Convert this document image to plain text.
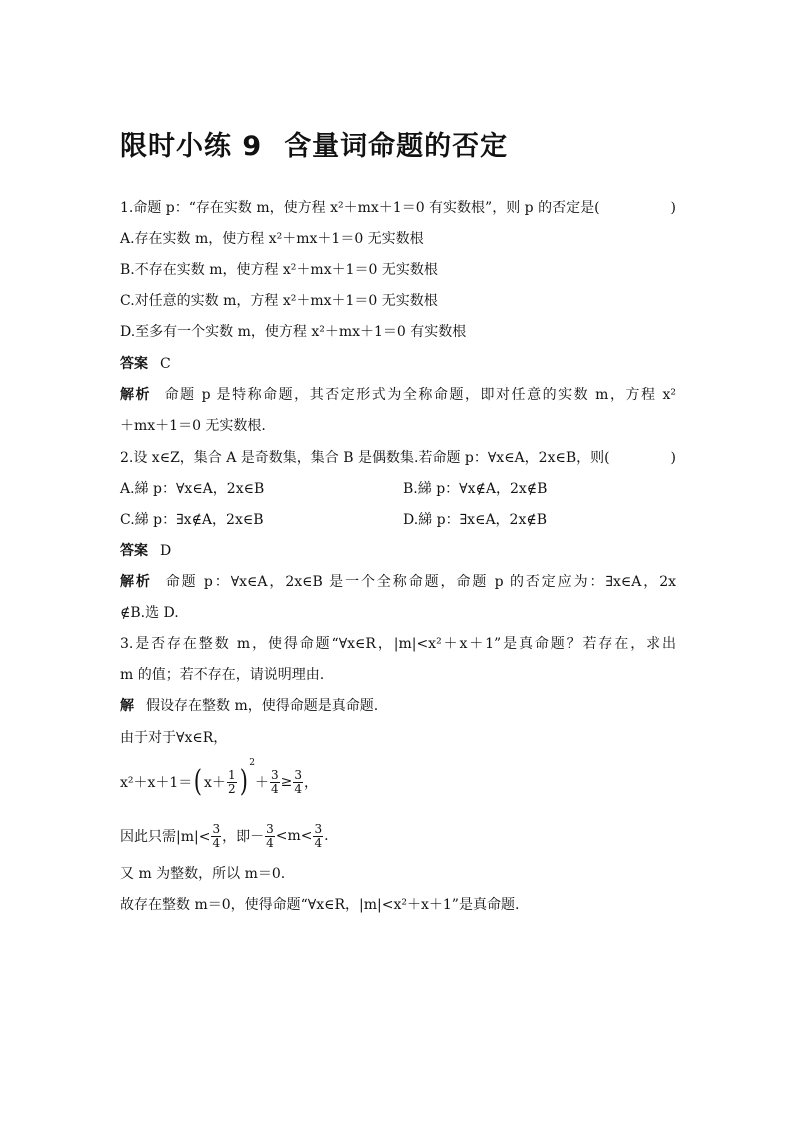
限时小练 9 含量词命题的否定

1.命题 p：“存在实数 m，使方程 x²＋mx＋1＝0 有实数根”，则 p 的否定是(	)

A.存在实数 m，使方程 x²＋mx＋1＝0 无实数根

B.不存在实数 m，使方程 x²＋mx＋1＝0 无实数根

C.对任意的实数 m，方程 x²＋mx＋1＝0 无实数根

D.至多有一个实数 m，使方程 x²＋mx＋1＝0 有实数根

答案 C

解析 命题 p 是特称命题，其否定形式为全称命题，即对任意的实数 m，方程 x²

＋mx＋1＝0 无实数根.

2.设 x∈Z，集合 A 是奇数集，集合 B 是偶数集.若命题 p：∀x∈A，2x∈B，则(	)

A.綈 p：∀x∈A，2x∈B	B.綈 p：∀x∉A，2x∉B

C.綈 p：∃x∉A，2x∈B	D.綈 p：∃x∈A，2x∉B

答案 D

解析 命题 p：∀x∈A，2x∈B 是一个全称命题，命题 p 的否定应为：∃x∈A，2x

∉B.选 D.

3.是否存在整数 m，使得命题“∀x∈R，|m|<x²＋x＋1”是真命题？若存在，求出

m 的值；若不存在，请说明理由.

解 假设存在整数 m，使得命题是真命题.

由于对于∀x∈R，

x²＋x＋1＝ ( $x+ \frac{1}{2}$ )
2
＋ $\frac{3}{4} \ge \frac{3}{4}$ ，
因此只需$|m|< \frac{3}{4}$ ，即－ $\frac{3}{4} <m< \frac{3}{4}$ .

又 m 为整数，所以 m＝0.

故存在整数 m＝0，使得命题“∀x∈R，|m|<x²＋x＋1”是真命题.
